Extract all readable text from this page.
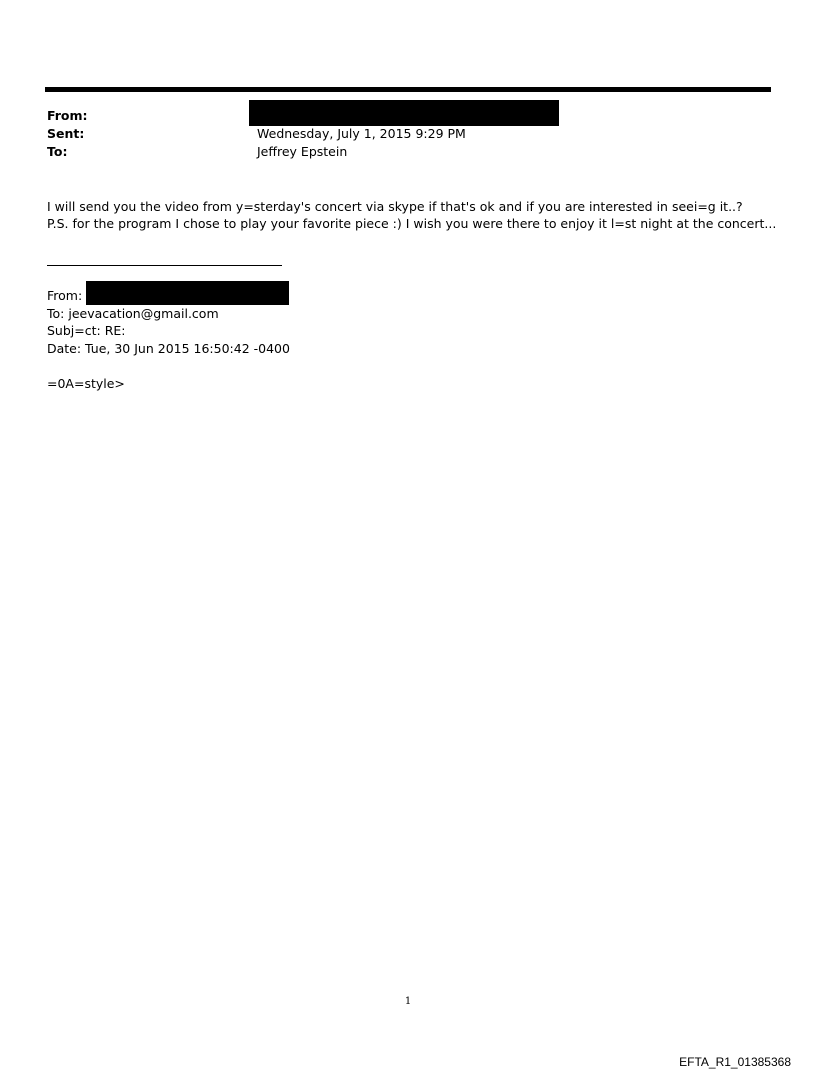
From:
Sent:	Wednesday, July 1, 2015 9:29 PM
To:	Jeffrey Epstein
I will send you the video from y=sterday's concert via skype if that's ok and if you are interested in seei=g it..?
P.S. for the program I chose to play your favorite piece :) I wish you were there to enjoy it l=st night at the concert...
From:
To: jeevacation@gmail.com
Subj=ct: RE:
Date: Tue, 30 Jun 2015 16:50:42 -0400
=0A=style>
1
EFTA_R1_01385368
